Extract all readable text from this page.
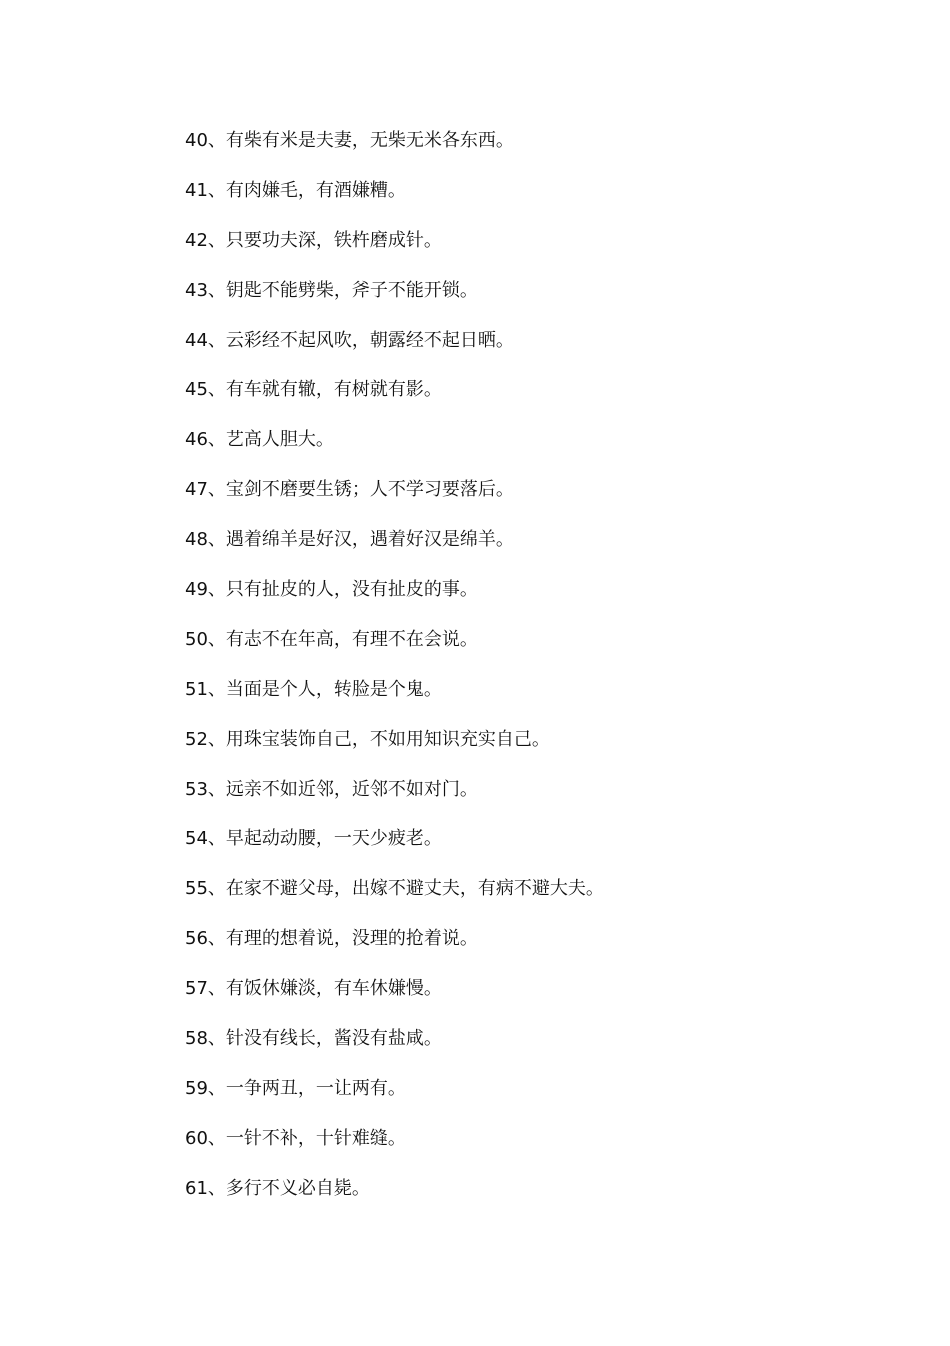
40、有柴有米是夫妻，无柴无米各东西。
41、有肉嫌毛，有酒嫌糟。
42、只要功夫深，铁杵磨成针。
43、钥匙不能劈柴，斧子不能开锁。
44、云彩经不起风吹，朝露经不起日晒。
45、有车就有辙，有树就有影。
46、艺高人胆大。
47、宝剑不磨要生锈；人不学习要落后。
48、遇着绵羊是好汉，遇着好汉是绵羊。
49、只有扯皮的人，没有扯皮的事。
50、有志不在年高，有理不在会说。
51、当面是个人，转脸是个鬼。
52、用珠宝装饰自己，不如用知识充实自己。
53、远亲不如近邻，近邻不如对门。
54、早起动动腰，一天少疲老。
55、在家不避父母，出嫁不避丈夫，有病不避大夫。
56、有理的想着说，没理的抢着说。
57、有饭休嫌淡，有车休嫌慢。
58、针没有线长，酱没有盐咸。
59、一争两丑，一让两有。
60、一针不补，十针难缝。
61、多行不义必自毙。
